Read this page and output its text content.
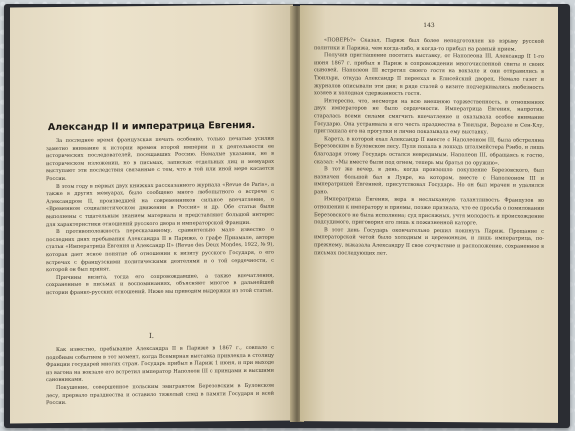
Александр II и императрица Евгения.

За последнее время французская печать особенно, только печатью усилия заметно внимание к истории времен второй империи и к деятельности ее исторических последователей, посещавших Россию. Немалые указания, не в историческом изложении, но в письмах, записках отдельных лиц и мемуарах выступают эти последствия связанные с тем, что в той или иной мере касается России.

В этом году в первых двух книжках рассказанного журнала «Revue de Paris», а также в других мемуарах, было сообщено много любопытного о встрече с Александром II, произведшей на современников сильное впечатление, о «Временном социалистическом движении в России» и др. Обе статьи были выполнены с тщательным знанием материала и представляют большой интерес для характеристики отношений русского двора и императорской Франции.

В противоположность пересказанному, сравнительно мало известно о последних днях пребывания Александра II в Париже, о графе Приамале, авторе статьи «Императрица Евгения и Александр II» (Revue des Deux Mondes, 1922, № 9), которая дает ясное понятие об отношении к визиту русского Государя, о его встречах с французскими политическими деятелями и о той сердечности, с которой он был принят.

Причины визита, тогда его сопровождавшие, а также впечатления, сохраненные в письмах и воспоминаниях, объясняют многое в дальнейшей истории франко-русских отношений. Ниже мы приводим выдержки из этой статьи.

I.

Как известно, пребывание Александра II в Париже в 1867 г., совпало с подобным событием в тот момент, когда Всемирная выставка привлекла в столицу Франции государей многих стран. Государь прибыл в Париж 1 июня, и при выходе из вагона на вокзале его встретил император Наполеон III с принцами и высшими сановниками.

Покушение, совершенное польским эмигрантом Березовским в Булонском лесу, прервало празднества и оставило тяжелый след в памяти Государя и всей России.

143

«ПОВЕРЬ?» Сказал, Париж был более неподготовлен ко взрыву русской политики и Парижа, чем когда-либо, и когда-то прибыл на равный прием.

Получив приглашение посетить выставку, от Наполеона III, Александр II 1-го июня 1867 г. прибыл в Париж в сопровождении многочисленной свиты и своих сыновей. Наполеон III встретил своего гостя на вокзале и они отправились в Тюильри, откуда Александр II переехал в Елисейский дворец. Немало газет и журналов описывали эти дни; в ряде статей о визите подчеркивались любезность хозяев и холодная сдержанность гостя.

Интересно, что, несмотря на всю внешнюю торжественность, в отношениях двух императоров не было сердечности. Императрица Евгения, напротив, старалась всеми силами смягчить впечатление и оказывала особое внимание Государю. Она устраивала в его честь празднества в Тюильри, Версале и Сен-Клу, приглашала его на прогулки и лично показывала ему выставку.

Карета, в которой ехал Александр II вместе с Наполеоном III, была обстреляна Березовским в Булонском лесу. Пуля попала в лошадь шталмейстера Рэнбо, и лишь благодаря этому Государь остался невредимым. Наполеон III, обращаясь к гостю, сказал: «Мы вместе были под огнем, теперь мы братья по оружию».

В тот же вечер, в день, когда произошло покушение Березовского, был назначен большой бал в Лувре, на котором, вместе с Наполеоном III и императрицей Евгенией, присутствовал Государь. Но он был мрачен и удалился рано.

Императрица Евгения, вера в неслыханную талантливость Французов во отношении к императору и приемы, позже признала, что ее просьба о помиловании Березовского не была исполнена; суд присяжных, учтя молодость и происхождение подсудимого, приговорил его лишь к пожизненной каторге.

В этот день Государь окончательно решил покинуть Париж. Прощание с императорской четой было холодным и церемонным, и лишь императрица, по-прежнему, выказала Александру II свое сочувствие и расположение, сохраненное в письмах последующих лет.
